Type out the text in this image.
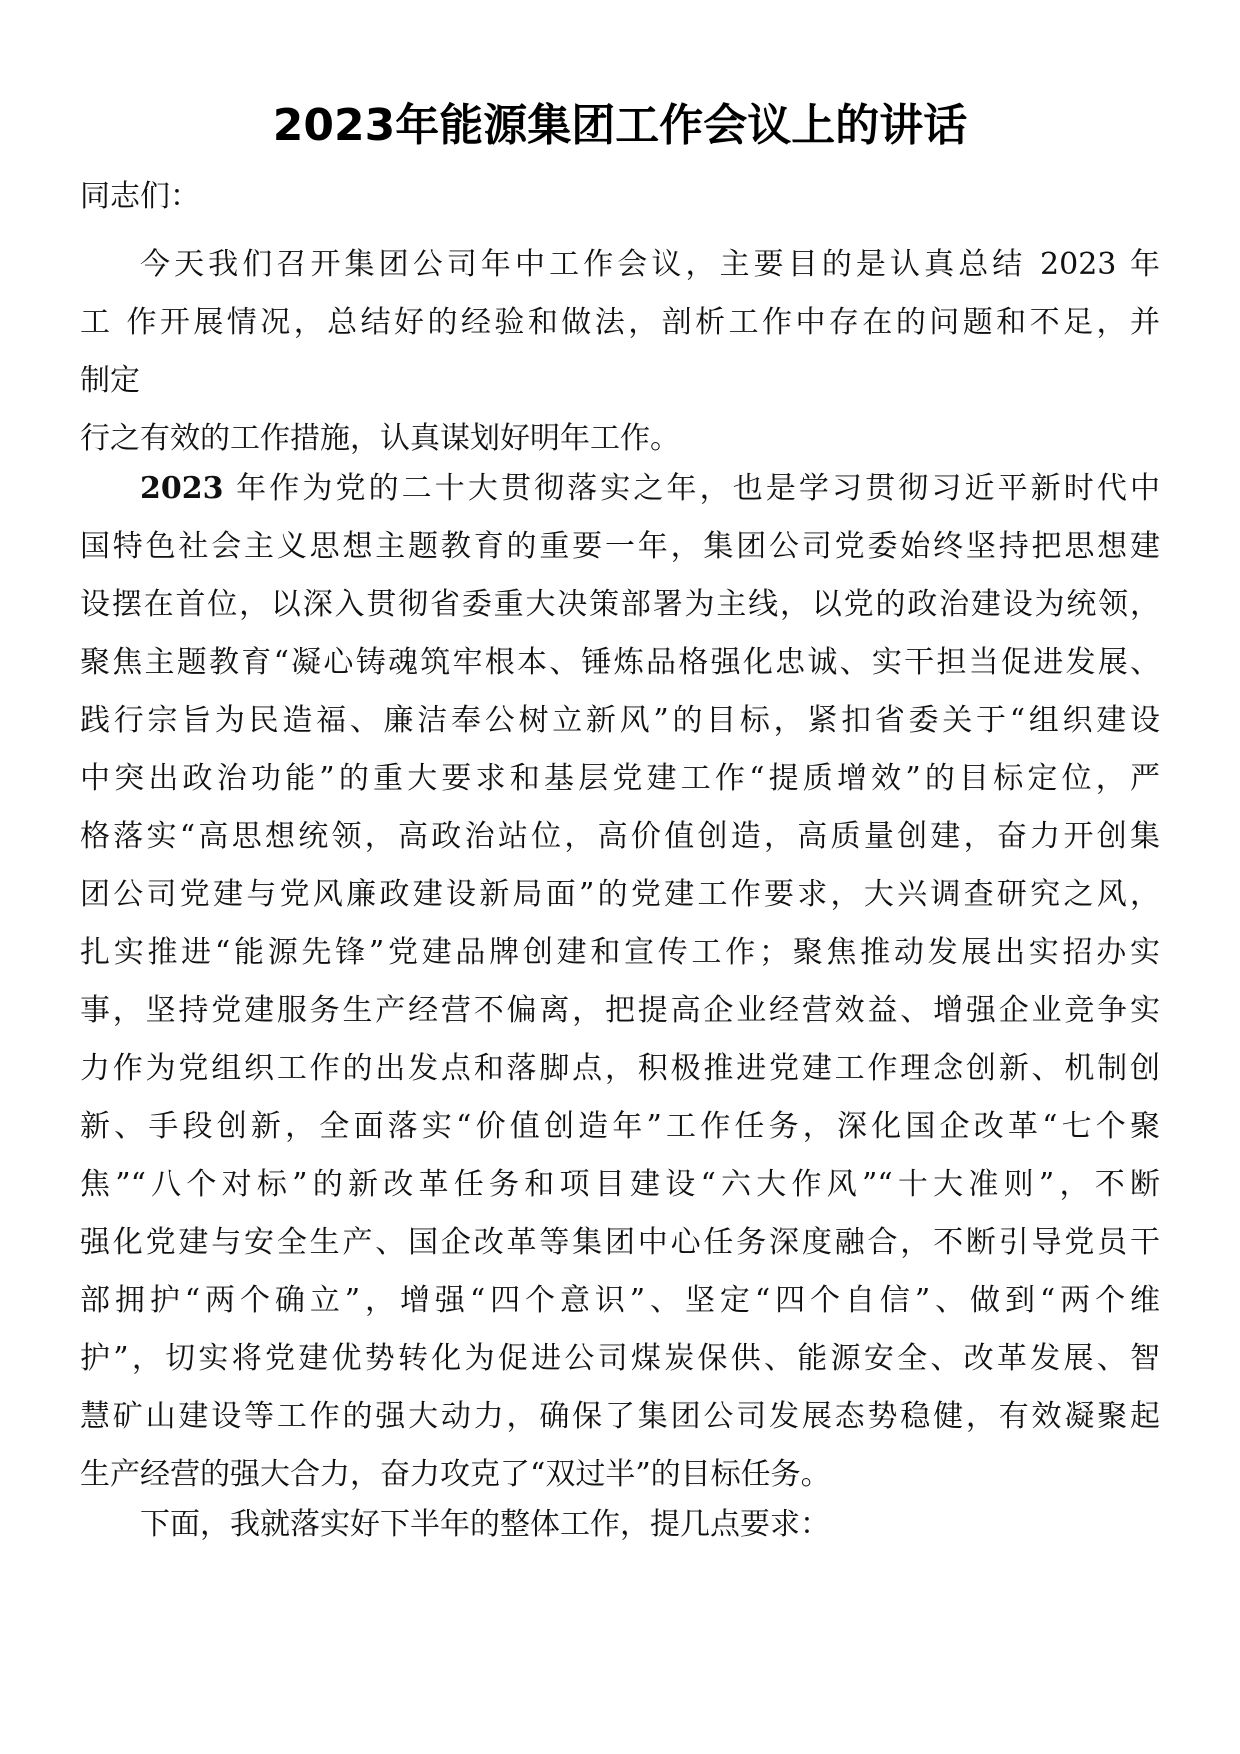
2023年能源集团工作会议上的讲话
同志们：
今天我们召开集团公司年中工作会议，主要目的是认真总结 2023 年
工 作开展情况，总结好的经验和做法，剖析工作中存在的问题和不足，并
制定
行之有效的工作措施，认真谋划好明年工作。
2023 年作为党的二十大贯彻落实之年，也是学习贯彻习近平新时代中
国特色社会主义思想主题教育的重要一年，集团公司党委始终坚持把思想建
设摆在首位，以深入贯彻省委重大决策部署为主线，以党的政治建设为统领，
聚焦主题教育“凝心铸魂筑牢根本、锤炼品格强化忠诚、实干担当促进发展、
践行宗旨为民造福、廉洁奉公树立新风”的目标，紧扣省委关于“组织建设
中突出政治功能”的重大要求和基层党建工作“提质增效”的目标定位，严
格落实“高思想统领，高政治站位，高价值创造，高质量创建，奋力开创集
团公司党建与党风廉政建设新局面”的党建工作要求，大兴调查研究之风，
扎实推进“能源先锋”党建品牌创建和宣传工作；聚焦推动发展出实招办实
事，坚持党建服务生产经营不偏离，把提高企业经营效益、增强企业竞争实
力作为党组织工作的出发点和落脚点，积极推进党建工作理念创新、机制创
新、手段创新，全面落实“价值创造年”工作任务，深化国企改革“七个聚
焦”“八个对标”的新改革任务和项目建设“六大作风”“十大准则”，不断
强化党建与安全生产、国企改革等集团中心任务深度融合，不断引导党员干
部拥护“两个确立”，增强“四个意识”、坚定“四个自信”、做到“两个维
护”，切实将党建优势转化为促进公司煤炭保供、能源安全、改革发展、智
慧矿山建设等工作的强大动力，确保了集团公司发展态势稳健，有效凝聚起
生产经营的强大合力，奋力攻克了“双过半”的目标任务。
下面，我就落实好下半年的整体工作，提几点要求：
